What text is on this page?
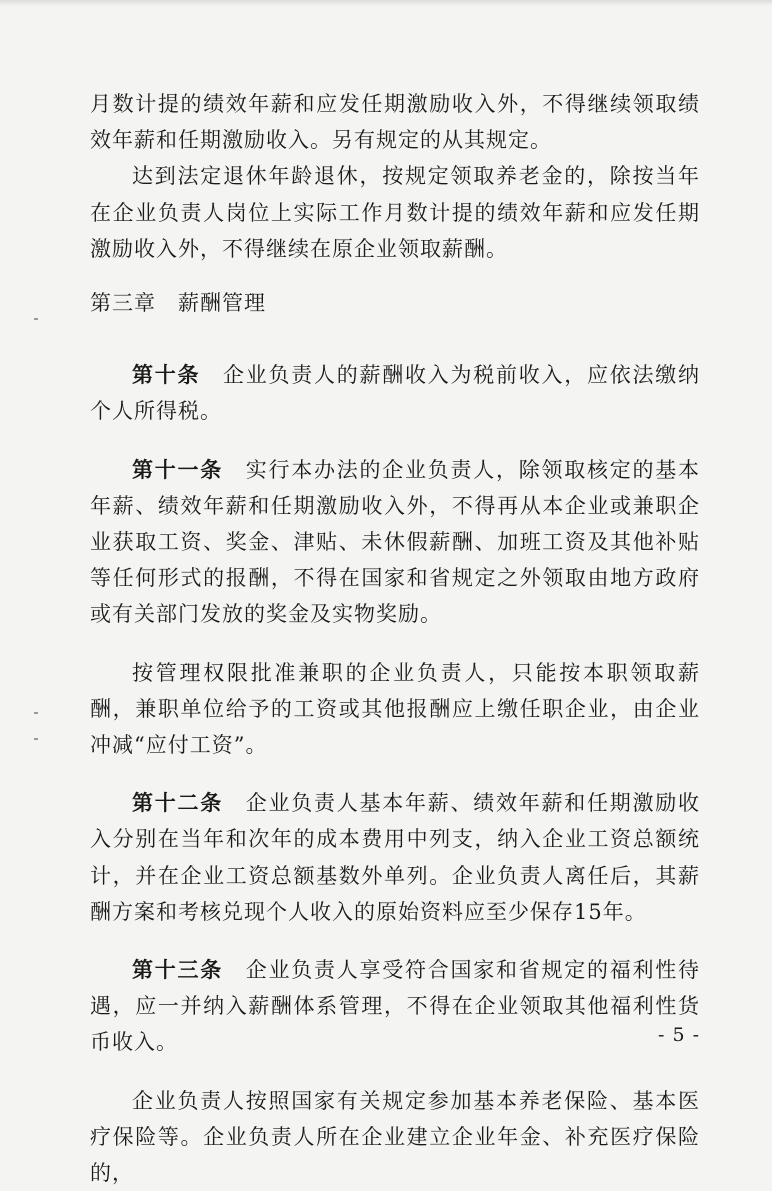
月数计提的绩效年薪和应发任期激励收入外，不得继续领取绩效年薪和任期激励收入。另有规定的从其规定。

达到法定退休年龄退休，按规定领取养老金的，除按当年在企业负责人岗位上实际工作月数计提的绩效年薪和应发任期激励收入外，不得继续在原企业领取薪酬。

第三章 薪酬管理

第十条　 企业负责人的薪酬收入为税前收入，应依法缴纳个人所得税。

第十一条　 实行本办法的企业负责人，除领取核定的基本年薪、绩效年薪和任期激励收入外，不得再从本企业或兼职企业获取工资、奖金、津贴、未休假薪酬、加班工资及其他补贴等任何形式的报酬，不得在国家和省规定之外领取由地方政府或有关部门发放的奖金及实物奖励。

按管理权限批准兼职的企业负责人，只能按本职领取薪酬，兼职单位给予的工资或其他报酬应上缴任职企业，由企业冲减“应付工资”。

第十二条　 企业负责人基本年薪、绩效年薪和任期激励收入分别在当年和次年的成本费用中列支，纳入企业工资总额统计，并在企业工资总额基数外单列。企业负责人离任后，其薪酬方案和考核兑现个人收入的原始资料应至少保存15年。

第十三条　 企业负责人享受符合国家和省规定的福利性待遇，应一并纳入薪酬体系管理，不得在企业领取其他福利性货币收入。

企业负责人按照国家有关规定参加基本养老保险、基本医疗保险等。企业负责人所在企业建立企业年金、补充医疗保险的，

- 5 -
